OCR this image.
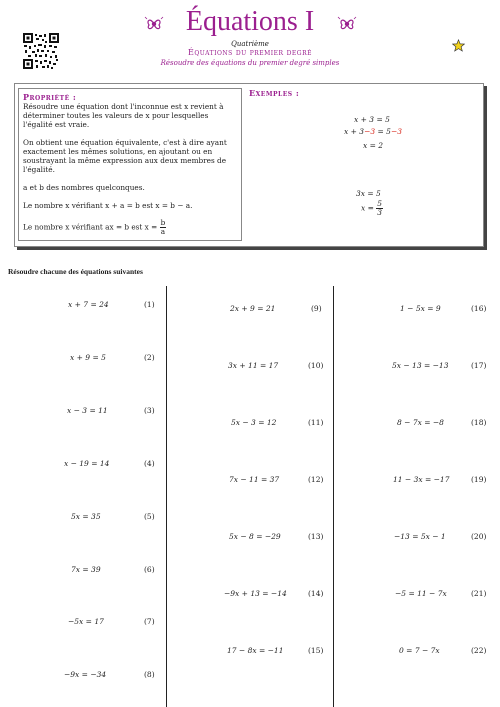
Équations I
Quatrième
Équations du premier degré
Résoudre des équations du premier degré simples
Propriété :

Résoudre une équation dont l'inconnue est x revient à déterminer toutes les valeurs de x pour lesquelles l'égalité est vraie.

On obtient une équation équivalente, c'est à dire ayant exactement les mêmes solutions, en ajoutant ou en soustrayant la même expression aux deux membres de l'égalité.

a et b des nombres quelconques.

Le nombre x vérifiant x + a = b est x = b − a.

Le nombre x vérifiant ax = b est $x = \frac{b}{a}$

Exemples :
x + 3 = 5
x + 3−3 = 5−3
x = 2
3x = 5
$x = \frac{5}{3}$
Résoudre chacune des équations suivantes
x + 7 = 24	(1)
x + 9 = 5	(2)
x − 3 = 11	(3)
x − 19 = 14	(4)
5x = 35	(5)
7x = 39	(6)
−5x = 17	(7)
−9x = −34	(8)
2x + 9 = 21	(9)
3x + 11 = 17	(10)
5x − 3 = 12	(11)
7x − 11 = 37	(12)
5x − 8 = −29	(13)
−9x + 13 = −14	(14)
17 − 8x = −11	(15)
1 − 5x = 9	(16)
5x − 13 = −13	(17)
8 − 7x = −8	(18)
11 − 3x = −17	(19)
−13 = 5x − 1	(20)
−5 = 11 − 7x	(21)
0 = 7 − 7x	(22)
